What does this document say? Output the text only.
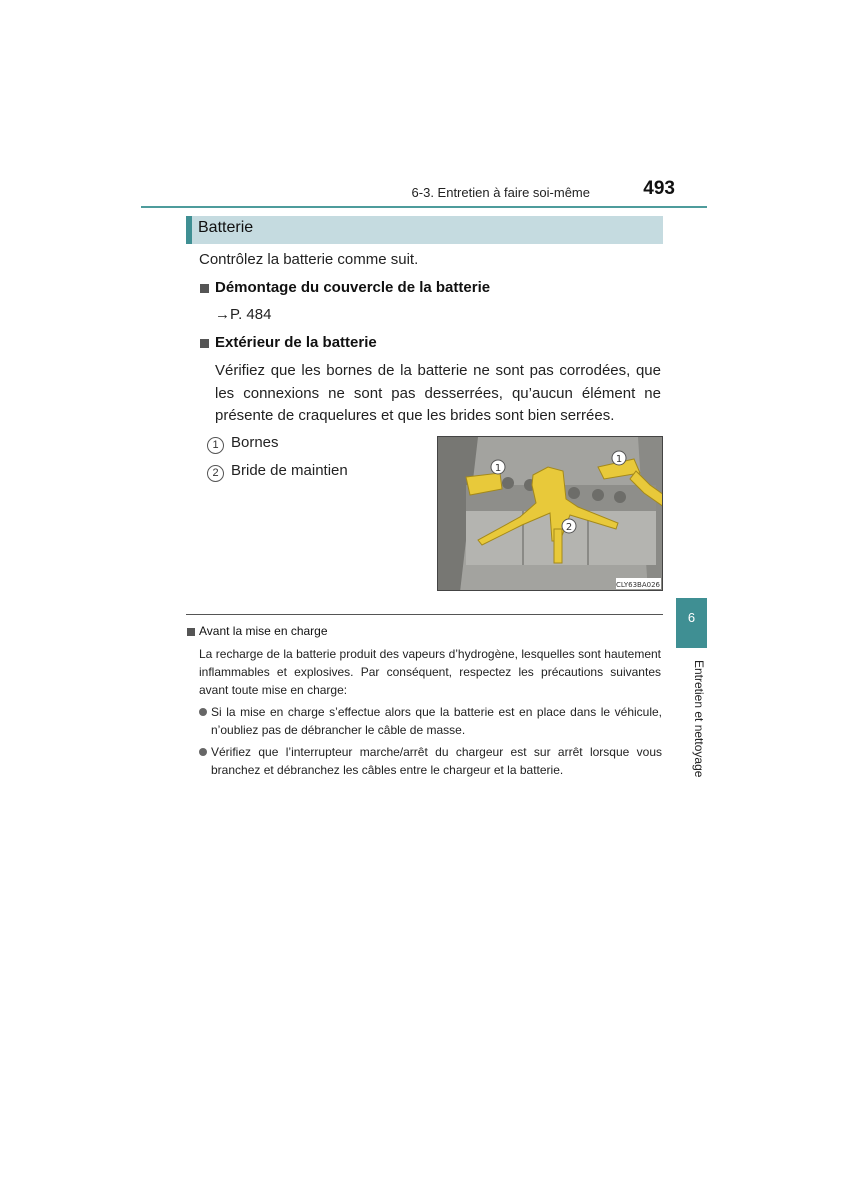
6-3. Entretien à faire soi-même	493
Batterie
Contrôlez la batterie comme suit.
Démontage du couvercle de la batterie
→P. 484
Extérieur de la batterie
Vérifiez que les bornes de la batterie ne sont pas corrodées, que les connexions ne sont pas desserrées, qu’aucun élément ne présente de craquelures et que les brides sont bien serrées.
1 Bornes
2 Bride de maintien	1
1
2
CLY63BA026
Avant la mise en charge
La recharge de la batterie produit des vapeurs d’hydrogène, lesquelles sont hautement inflammables et explosives. Par conséquent, respectez les précautions suivantes avant toute mise en charge:
Si la mise en charge s’effectue alors que la batterie est en place dans le véhicule, n’oubliez pas de débrancher le câble de masse.
Vérifiez que l’interrupteur marche/arrêt du chargeur est sur arrêt lorsque vous branchez et débranchez les câbles entre le chargeur et la batterie.
6
Entretien et nettoyage
